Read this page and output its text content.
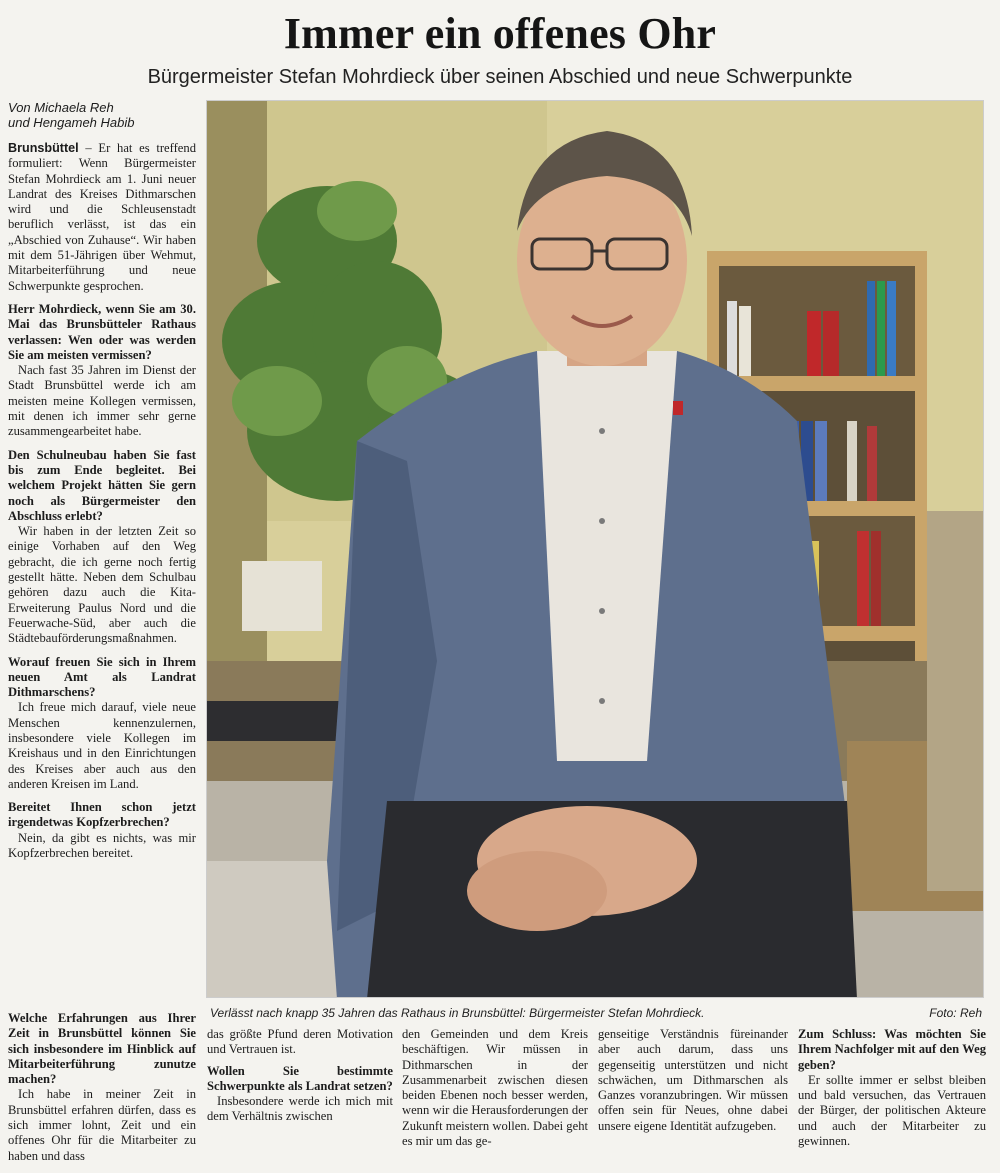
Immer ein offenes Ohr
Bürgermeister Stefan Mohrdieck über seinen Abschied und neue Schwerpunkte
Von Michaela Reh
und Hengameh Habib

Brunsbüttel – Er hat es treffend formuliert: Wenn Bürgermeister Stefan Mohrdieck am 1. Juni neuer Landrat des Kreises Dithmarschen wird und die Schleusenstadt beruflich verlässt, ist das ein „Abschied von Zuhause“. Wir haben mit dem 51-Jährigen über Wehmut, Mitarbeiterführung und neue Schwerpunkte gesprochen.

Herr Mohrdieck, wenn Sie am 30. Mai das Brunsbütteler Rathaus verlassen: Wen oder was werden Sie am meisten vermissen?

Nach fast 35 Jahren im Dienst der Stadt Brunsbüttel werde ich am meisten meine Kollegen vermissen, mit denen ich immer sehr gerne zusammengearbeitet habe.

Den Schulneubau haben Sie fast bis zum Ende begleitet. Bei welchem Projekt hätten Sie gern noch als Bürgermeister den Abschluss erlebt?

Wir haben in der letzten Zeit so einige Vorhaben auf den Weg gebracht, die ich gerne noch fertig gestellt hätte. Neben dem Schulbau gehören dazu auch die Kita-Erweiterung Paulus Nord und die Feuerwache-Süd, aber auch die Städtebauförderungsmaßnahmen.

Worauf freuen Sie sich in Ihrem neuen Amt als Landrat Dithmarschens?

Ich freue mich darauf, viele neue Menschen kennenzulernen, insbesondere viele Kollegen im Kreishaus und in den Einrichtungen des Kreises aber auch aus den anderen Kreisen im Land.

Bereitet Ihnen schon jetzt irgendetwas Kopfzerbrechen?

Nein, da gibt es nichts, was mir Kopfzerbrechen bereitet.

Verlässt nach knapp 35 Jahren das Rathaus in Brunsbüttel: Bürgermeister Stefan Mohrdieck.	Foto: Reh

Welche Erfahrungen aus Ihrer Zeit in Brunsbüttel können Sie sich insbesondere im Hinblick auf Mitarbeiterführung zunutze machen?

Ich habe in meiner Zeit in Brunsbüttel erfahren dürfen, dass es sich immer lohnt, Zeit und ein offenes Ohr für die Mitarbeiter zu haben und dass

das größte Pfund deren Motivation und Vertrauen ist.

Wollen Sie bestimmte Schwerpunkte als Landrat setzen?

Insbesondere werde ich mich mit dem Verhältnis zwischen

den Gemeinden und dem Kreis beschäftigen. Wir müssen in Dithmarschen in der Zusammenarbeit zwischen diesen beiden Ebenen noch besser werden, wenn wir die Herausforderungen der Zukunft meistern wollen. Dabei geht es mir um das ge-

genseitige Verständnis füreinander aber auch darum, dass uns gegenseitig unterstützen und nicht schwächen, um Dithmarschen als Ganzes voranzubringen. Wir müssen offen sein für Neues, ohne dabei unsere eigene Identität aufzugeben.

Zum Schluss: Was möchten Sie Ihrem Nachfolger mit auf den Weg geben?

Er sollte immer er selbst bleiben und bald versuchen, das Vertrauen der Bürger, der politischen Akteure und auch der Mitarbeiter zu gewinnen.
